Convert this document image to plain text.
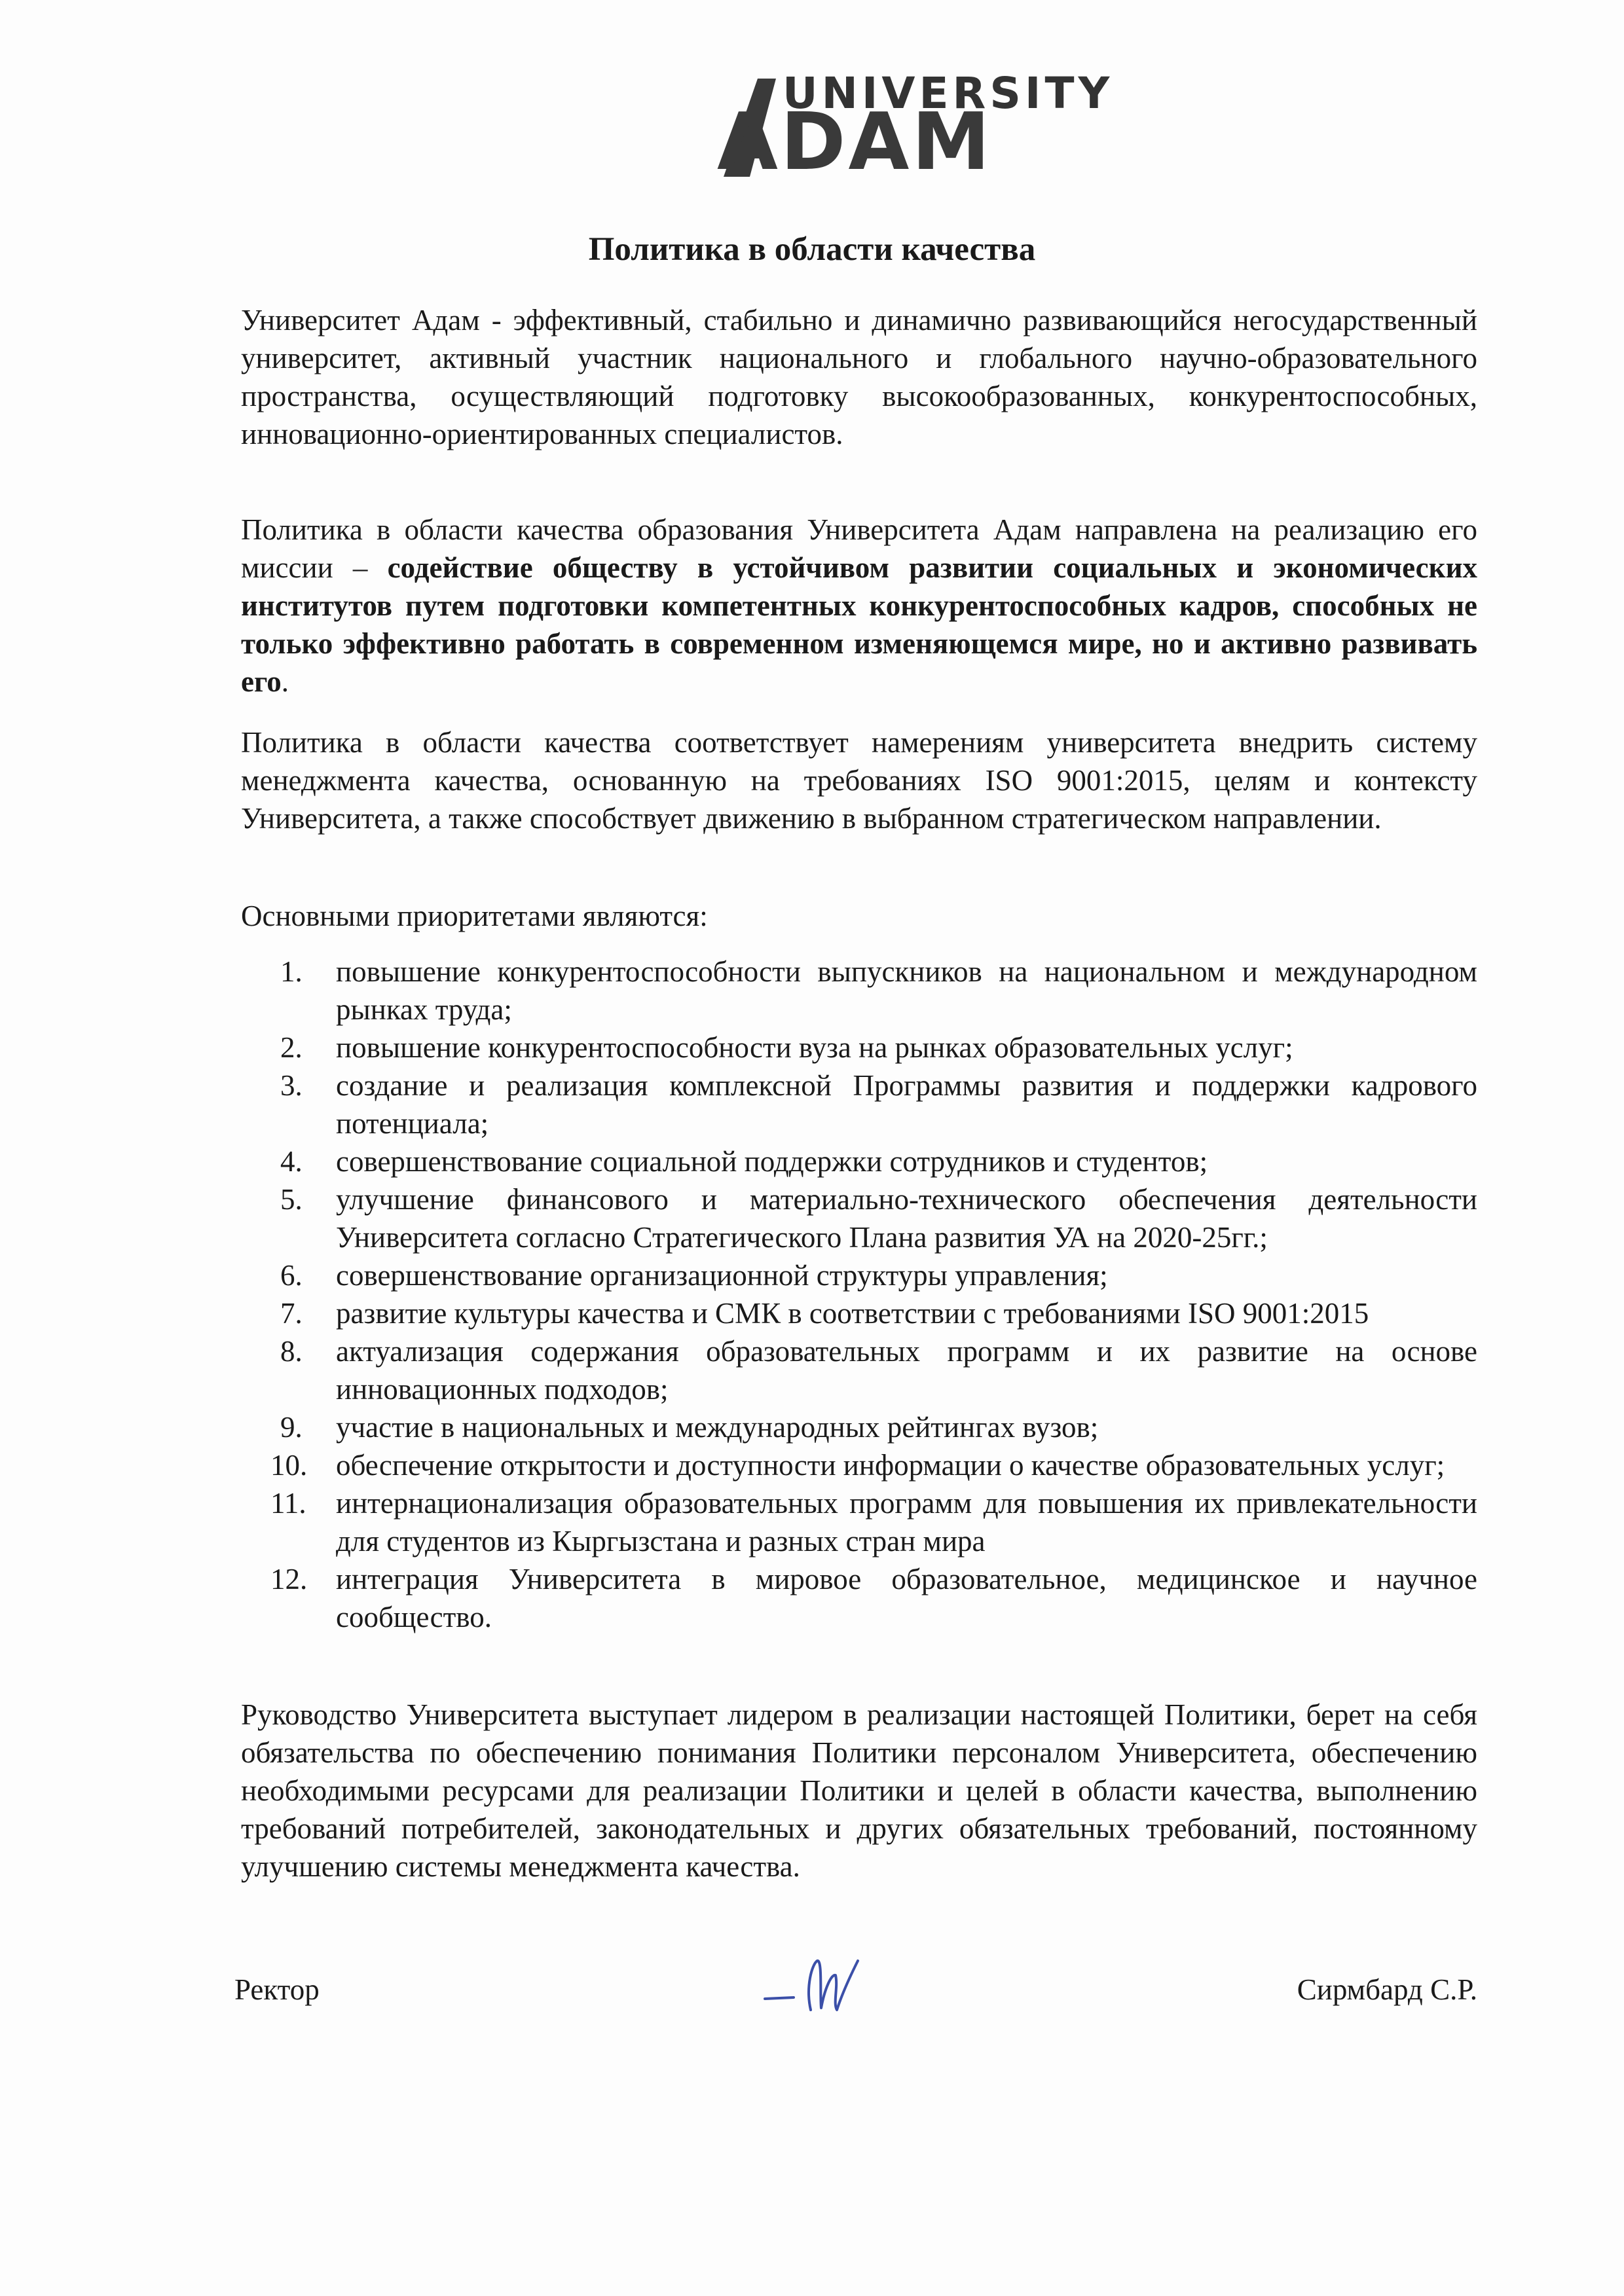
UNIVERSITY
ADAM
Политика в области качества

Университет Адам - эффективный, стабильно и динамично развивающийся негосударственный университет, активный участник национального и глобального научно-образовательного пространства, осуществляющий подготовку высокообразованных, конкурентоспособных, инновационно-ориентированных специалистов.

Политика в области качества образования Университета Адам направлена на реализацию его миссии – содействие обществу в устойчивом развитии социальных и экономических институтов путем подготовки компетентных конкурентоспособных кадров, способных не только эффективно работать в современном изменяющемся мире, но и активно развивать его.

Политика в области качества соответствует намерениям университета внедрить систему менеджмента качества, основанную на требованиях ISO 9001:2015, целям и контексту Университета, а также способствует движению в выбранном стратегическом направлении.

Основными приоритетами являются:

1. повышение конкурентоспособности выпускников на национальном и международном рынках труда;
2. повышение конкурентоспособности вуза на рынках образовательных услуг;
3. создание и реализация комплексной Программы развития и поддержки кадрового потенциала;
4. совершенствование социальной поддержки сотрудников и студентов;
5. улучшение финансового и материально-технического обеспечения деятельности Университета согласно Стратегического Плана развития УА на 2020-25гг.;
6. совершенствование организационной структуры управления;
7. развитие культуры качества и СМК в соответствии с требованиями ISO 9001:2015
8. актуализация содержания образовательных программ и их развитие на основе инновационных подходов;
9. участие в национальных и международных рейтингах вузов;
10. обеспечение открытости и доступности информации о качестве образовательных услуг;
11. интернационализация образовательных программ для повышения их привлекательности для студентов из Кыргызстана и разных стран мира
12. интеграция Университета в мировое образовательное, медицинское и научное сообщество.

Руководство Университета выступает лидером в реализации настоящей Политики, берет на себя обязательства по обеспечению понимания Политики персоналом Университета, обеспечению необходимыми ресурсами для реализации Политики и целей в области качества, выполнению требований потребителей, законодательных и других обязательных требований, постоянному улучшению системы менеджмента качества.

Ректор	Сирмбард С.Р.
